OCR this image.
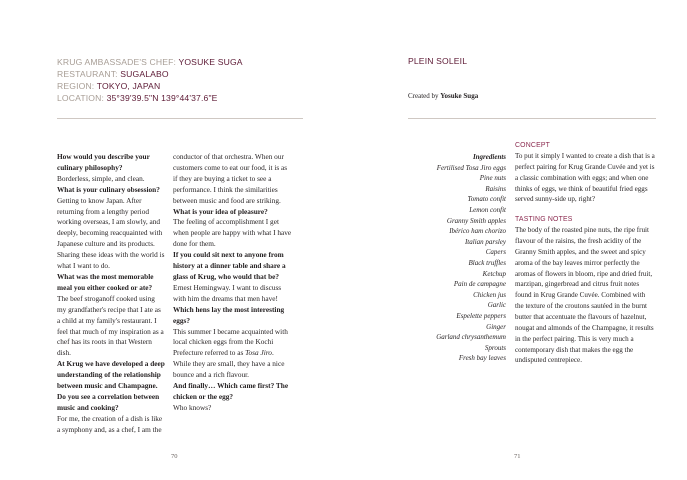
KRUG AMBASSADE'S CHEF: YOSUKE SUGA
RESTAURANT: SUGALABO
REGION: TOKYO, JAPAN
LOCATION: 35°39'39.5"N 139°44'37.6"E

How would you describe your culinary philosophy?

Borderless, simple, and clean.

What is your culinary obsession?

Getting to know Japan. After returning from a lengthy period working overseas, I am slowly, and deeply, becoming reacquainted with Japanese culture and its products. Sharing these ideas with the world is what I want to do.

What was the most memorable meal you either cooked or ate?

The beef stroganoff cooked using my grandfather's recipe that I ate as a child at my family's restaurant. I feel that much of my inspiration as a chef has its roots in that Western dish.

At Krug we have developed a deep understanding of the relationship between music and Champagne. Do you see a correlation between music and cooking?

For me, the creation of a dish is like a symphony and, as a chef, I am the

conductor of that orchestra. When our customers come to eat our food, it is as if they are buying a ticket to see a performance. I think the similarities between music and food are striking.

What is your idea of pleasure?

The feeling of accomplishment I get when people are happy with what I have done for them.

If you could sit next to anyone from history at a dinner table and share a glass of Krug, who would that be?

Ernest Hemingway. I want to discuss with him the dreams that men have!

Which hens lay the most interesting eggs?

This summer I became acquainted with local chicken eggs from the Kochi Prefecture referred to as Tosa Jiro. While they are small, they have a nice bounce and a rich flavour.

And finally… Which came first? The chicken or the egg?

Who knows?

70
PLEIN SOLEIL
Created by Yosuke Suga
Ingredients
Fertilised Tosa Jiro eggs
Pine nuts
Raisins
Tomato confit
Lemon confit
Granny Smith apples
Ibérico ham chorizo
Italian parsley
Capers
Black truffles
Ketchup
Pain de campagne
Chicken jus
Garlic
Espelette peppers
Ginger
Garland chrysanthemum
Sprouts
Fresh bay leaves
CONCEPT

To put it simply I wanted to create a dish that is a perfect pairing for Krug Grande Cuvée and yet is a classic combination with eggs; and when one thinks of eggs, we think of beautiful fried eggs served sunny-side up, right?

TASTING NOTES

The body of the roasted pine nuts, the ripe fruit flavour of the raisins, the fresh acidity of the Granny Smith apples, and the sweet and spicy aroma of the bay leaves mirror perfectly the aromas of flowers in bloom, ripe and dried fruit, marzipan, gingerbread and citrus fruit notes found in Krug Grande Cuvée. Combined with the texture of the croutons sautéed in the burnt butter that accentuate the flavours of hazelnut, nougat and almonds of the Champagne, it results in the perfect pairing. This is very much a contemporary dish that makes the egg the undisputed centrepiece.

71
